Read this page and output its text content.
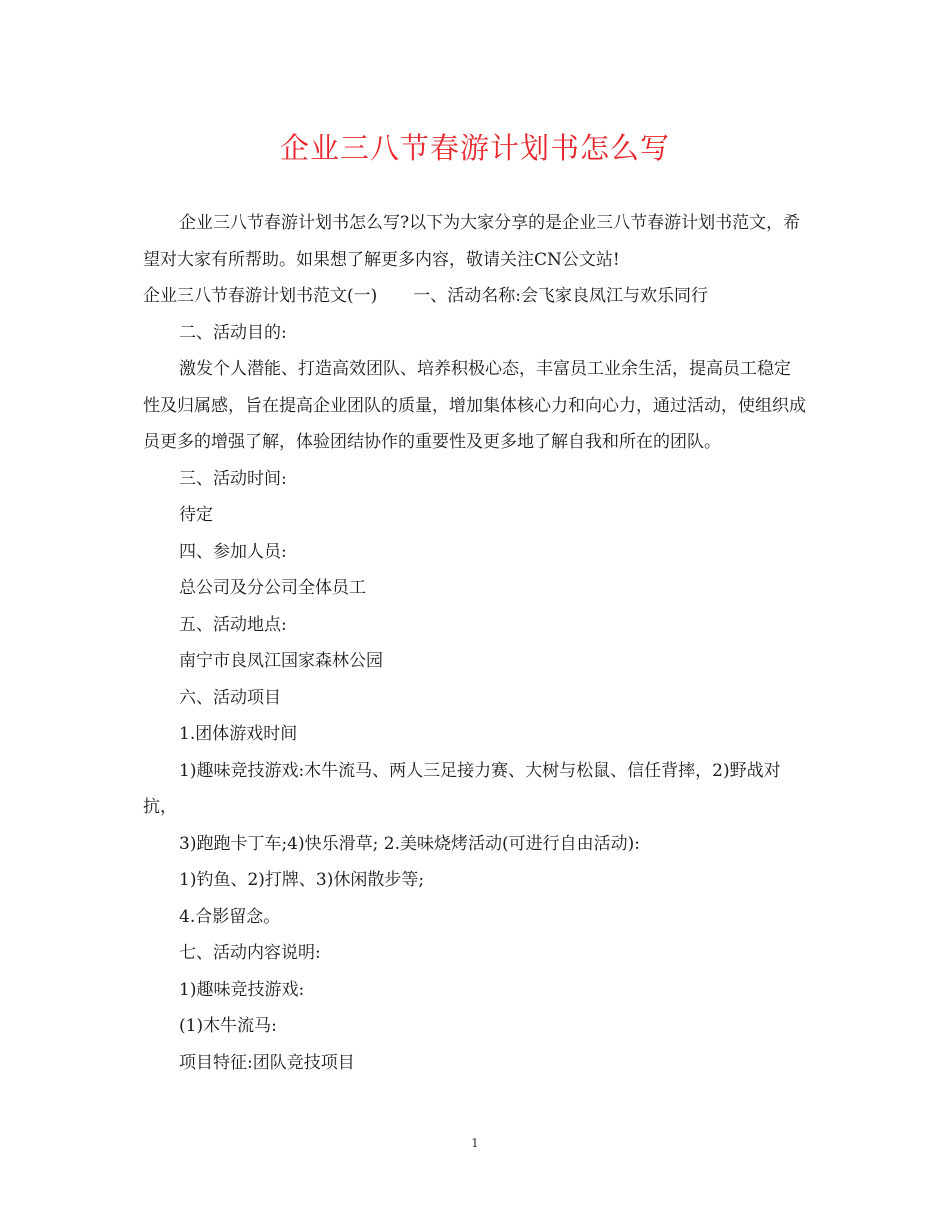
企业三八节春游计划书怎么写

企业三八节春游计划书怎么写?以下为大家分享的是企业三八节春游计划书范文，希望对大家有所帮助。如果想了解更多内容，敬请关注CN公文站!

企业三八节春游计划书范文(一) 一、活动名称:会飞家良凤江与欢乐同行

二、活动目的:

激发个人潜能、打造高效团队、培养积极心态，丰富员工业余生活，提高员工稳定性及归属感，旨在提高企业团队的质量，增加集体核心力和向心力，通过活动，使组织成员更多的增强了解，体验团结协作的重要性及更多地了解自我和所在的团队。

三、活动时间:

待定

四、参加人员:

总公司及分公司全体员工

五、活动地点:

南宁市良凤江国家森林公园

六、活动项目

1.团体游戏时间

1)趣味竞技游戏:木牛流马、两人三足接力赛、大树与松鼠、信任背摔，2)野战对抗，

3)跑跑卡丁车;4)快乐滑草; 2.美味烧烤活动(可进行自由活动):

1)钓鱼、2)打牌、3)休闲散步等;

4.合影留念。

七、活动内容说明:

1)趣味竞技游戏:

(1)木牛流马:

项目特征:团队竞技项目

1
